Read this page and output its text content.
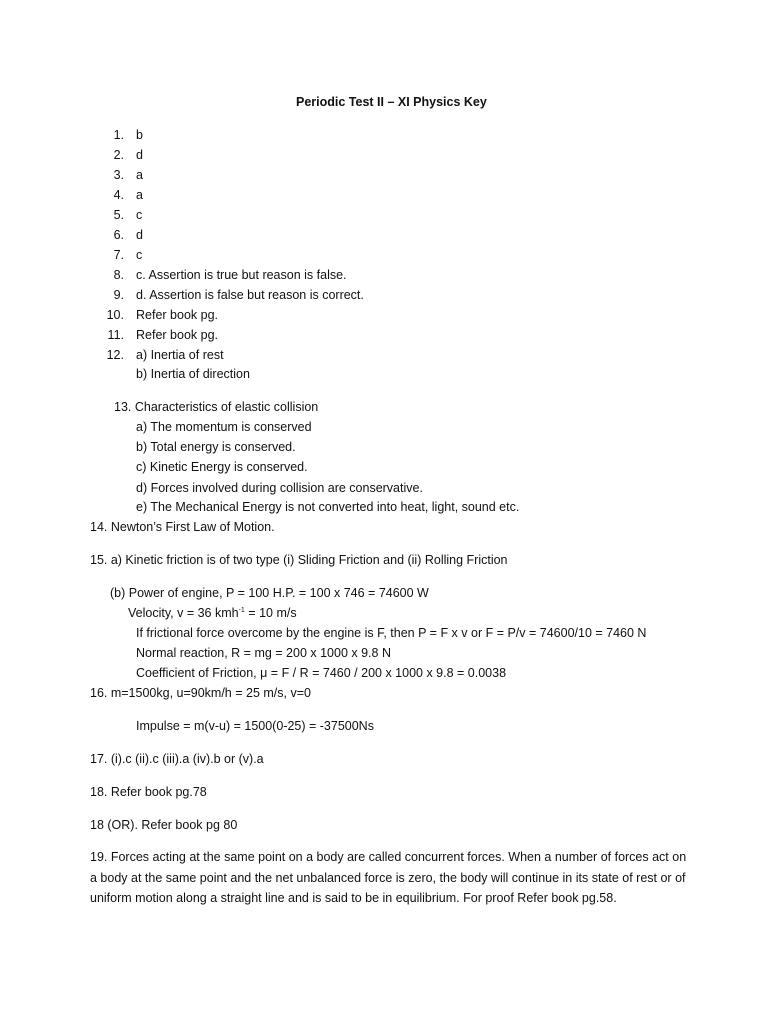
Periodic Test II – XI Physics Key
1. b
2. d
3. a
4. a
5. c
6. d
7. c
8. c. Assertion is true but reason is false.
9. d. Assertion is false but reason is correct.
10. Refer book pg.
11. Refer book pg.
12. a) Inertia of rest
b) Inertia of direction
13. Characteristics of elastic collision
a) The momentum is conserved
b) Total energy is conserved.
c) Kinetic Energy is conserved.
d) Forces involved during collision are conservative.
e) The Mechanical Energy is not converted into heat, light, sound etc.
14. Newton’s First Law of Motion.
15. a) Kinetic friction is of two type (i) Sliding Friction and (ii) Rolling Friction
(b) Power of engine, P = 100 H.P. = 100 x 746 = 74600 W
Velocity, v = 36 kmh$^{-1}$ = 10 m/s
If frictional force overcome by the engine is F, then P = F x v or F = P/v = 74600/10 = 7460 N
Normal reaction, R = mg = 200 x 1000 x 9.8 N
Coefficient of Friction, μ = F / R = 7460 / 200 x 1000 x 9.8 = 0.0038
16. m=1500kg, u=90km/h = 25 m/s, v=0
Impulse = m(v-u) = 1500(0-25) = -37500Ns
17. (i).c (ii).c (iii).a (iv).b or (v).a
18. Refer book pg.78
18 (OR). Refer book pg 80
19. Forces acting at the same point on a body are called concurrent forces. When a number of forces act on a body at the same point and the net unbalanced force is zero, the body will continue in its state of rest or of uniform motion along a straight line and is said to be in equilibrium. For proof Refer book pg.58.
